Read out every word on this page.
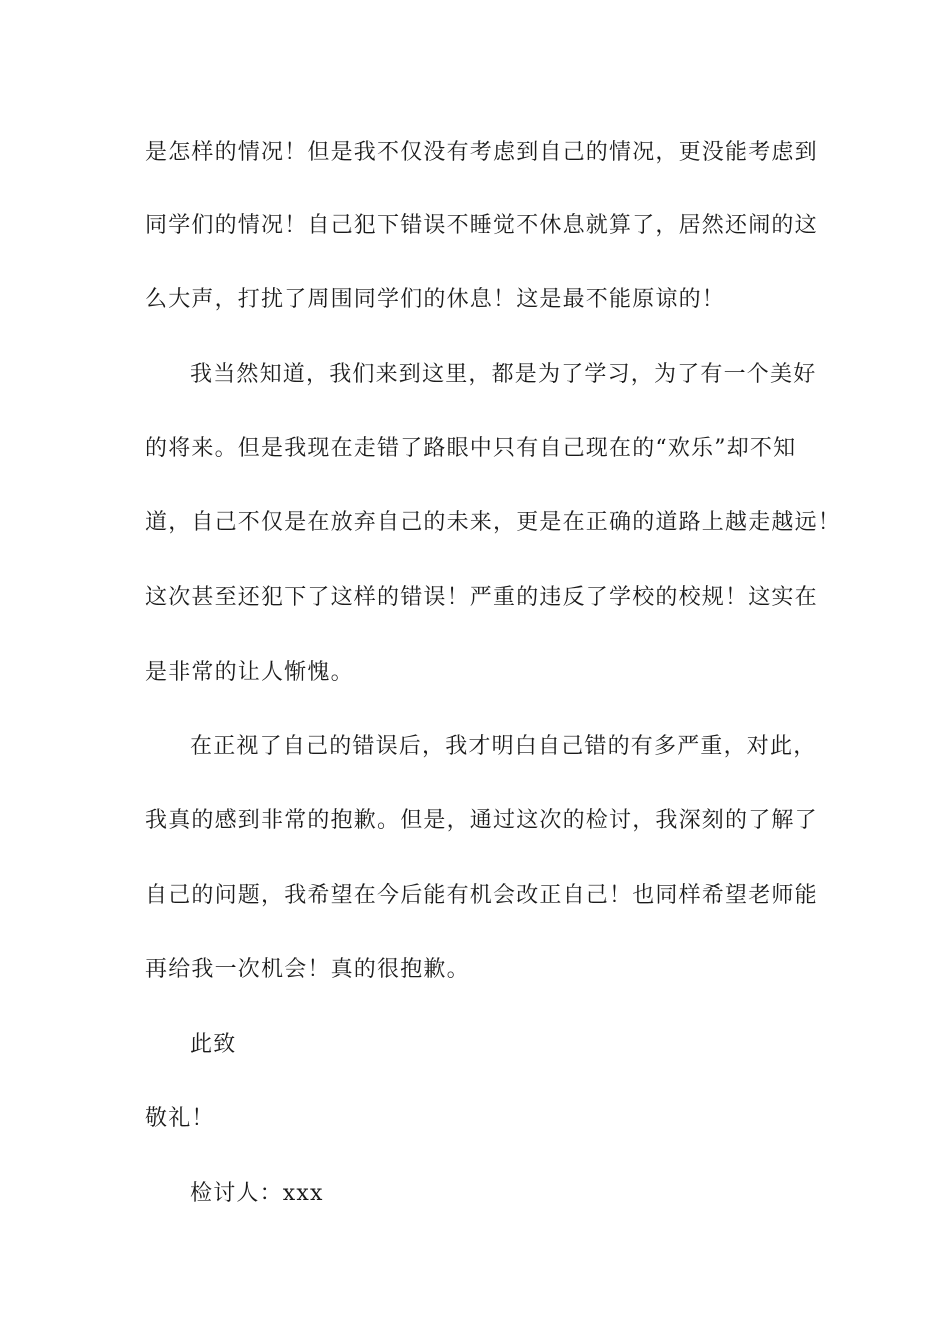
是怎样的情况！但是我不仅没有考虑到自己的情况，更没能考虑到
同学们的情况！自己犯下错误不睡觉不休息就算了，居然还闹的这
么大声，打扰了周围同学们的休息！这是最不能原谅的！
我当然知道，我们来到这里，都是为了学习，为了有一个美好
的将来。但是我现在走错了路眼中只有自己现在的“欢乐”却不知
道，自己不仅是在放弃自己的未来，更是在正确的道路上越走越远！
这次甚至还犯下了这样的错误！严重的违反了学校的校规！这实在
是非常的让人惭愧。
在正视了自己的错误后，我才明白自己错的有多严重，对此，
我真的感到非常的抱歉。但是，通过这次的检讨，我深刻的了解了
自己的问题，我希望在今后能有机会改正自己！也同样希望老师能
再给我一次机会！真的很抱歉。
此致
敬礼！
检讨人：xxx
